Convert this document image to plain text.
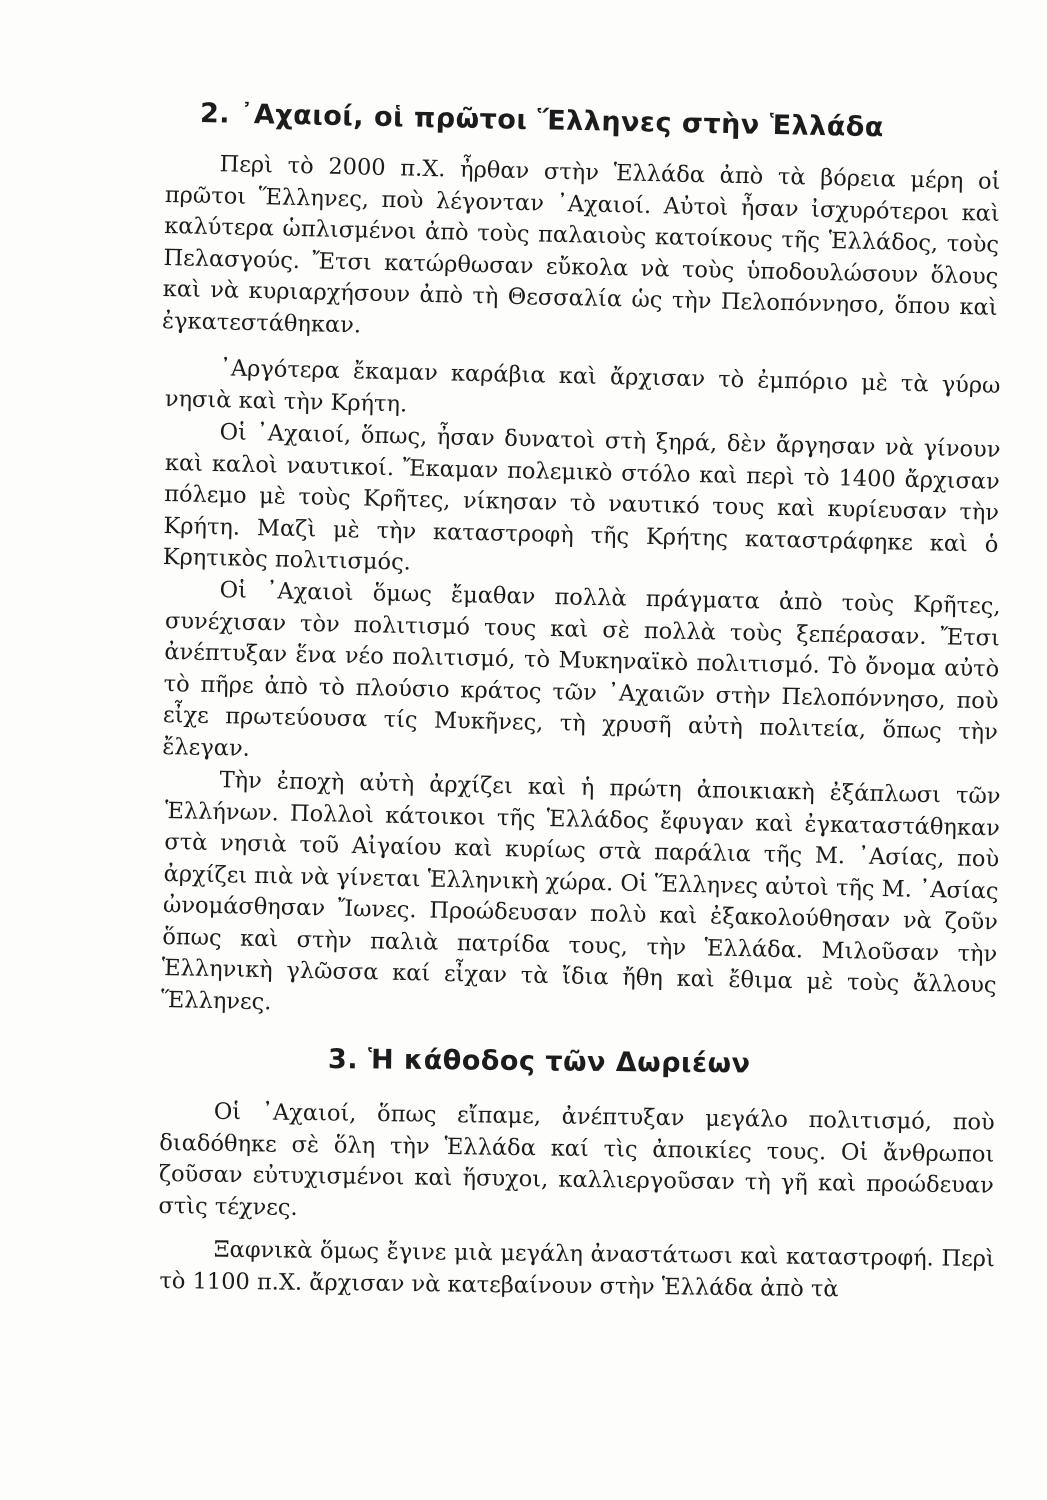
2. ᾿Αχαιοί, οἱ πρῶτοι Ἕλληνες στὴν Ἑλλάδα

Περὶ τὸ 2000 π.Χ. ἦρθαν στὴν Ἑλλάδα ἀπὸ τὰ βόρεια μέρη οἱ πρῶτοι Ἕλληνες, ποὺ λέγονταν ᾿Αχαιοί. Αὐτοὶ ἦσαν ἰσχυρότεροι καὶ καλύτερα ὡπλισμένοι ἀπὸ τοὺς παλαιοὺς κατοίκους τῆς Ἑλλάδος, τοὺς Πελασγούς. Ἔτσι κατώρθωσαν εὔκολα νὰ τοὺς ὑποδουλώσουν ὅλους καὶ νὰ κυριαρχήσουν ἀπὸ τὴ Θεσσαλία ὡς τὴν Πελοπόννησο, ὅπου καὶ ἐγκατεστάθηκαν.

᾿Αργότερα ἔκαμαν καράβια καὶ ἄρχισαν τὸ ἐμπόριο μὲ τὰ γύρω νησιὰ καὶ τὴν Κρήτη.

Οἱ ᾿Αχαιοί, ὅπως, ἦσαν δυνατοὶ στὴ ξηρά, δὲν ἄργησαν νὰ γίνουν καὶ καλοὶ ναυτικοί. Ἔκαμαν πολεμικὸ στόλο καὶ περὶ τὸ 1400 ἄρχισαν πόλεμο μὲ τοὺς Κρῆτες, νίκησαν τὸ ναυτικό τους καὶ κυρίευσαν τὴν Κρήτη. Μαζὶ μὲ τὴν καταστροφὴ τῆς Κρήτης καταστράφηκε καὶ ὁ Κρητικὸς πολιτισμός.

Οἱ ᾿Αχαιοὶ ὅμως ἔμαθαν πολλὰ πράγματα ἀπὸ τοὺς Κρῆτες, συνέχισαν τὸν πολιτισμό τους καὶ σὲ πολλὰ τοὺς ξεπέρασαν. Ἔτσι ἀνέπτυξαν ἕνα νέο πολιτισμό, τὸ Μυκηναϊκὸ πολιτισμό. Τὸ ὄνομα αὐτὸ τὸ πῆρε ἀπὸ τὸ πλούσιο κράτος τῶν ᾿Αχαιῶν στὴν Πελοπόννησο, ποὺ εἶχε πρωτεύουσα τίς Μυκῆνες, τὴ χρυσῆ αὐτὴ πολιτεία, ὅπως τὴν ἔλεγαν.

Τὴν ἐποχὴ αὐτὴ ἀρχίζει καὶ ἡ πρώτη ἀποικιακὴ ἐξάπλωσι τῶν Ἑλλήνων. Πολλοὶ κάτοικοι τῆς Ἑλλάδος ἔφυγαν καὶ ἐγκαταστάθηκαν στὰ νησιὰ τοῦ Αἰγαίου καὶ κυρίως στὰ παράλια τῆς Μ. ᾿Ασίας, ποὺ ἀρχίζει πιὰ νὰ γίνεται Ἑλληνικὴ χώρα. Οἱ Ἕλληνες αὐτοὶ τῆς Μ. ᾿Ασίας ὠνομάσθησαν Ἴωνες. Προώδευσαν πολὺ καὶ ἐξακολούθησαν νὰ ζοῦν ὅπως καὶ στὴν παλιὰ πατρίδα τους, τὴν Ἑλλάδα. Μιλοῦσαν τὴν Ἑλληνικὴ γλῶσσα καί εἶχαν τὰ ἴδια ἤθη καὶ ἔθιμα μὲ τοὺς ἄλλους Ἕλληνες.

3. Ἡ κάθοδος τῶν Δωριέων

Οἱ ᾿Αχαιοί, ὅπως εἴπαμε, ἀνέπτυξαν μεγάλο πολιτισμό, ποὺ διαδόθηκε σὲ ὅλη τὴν Ἑλλάδα καί τὶς ἀποικίες τους. Οἱ ἄνθρωποι ζοῦσαν εὐτυχισμένοι καὶ ἥσυχοι, καλλιεργοῦσαν τὴ γῆ καὶ προώδευαν στὶς τέχνες.

Ξαφνικὰ ὅμως ἔγινε μιὰ μεγάλη ἀναστάτωσι καὶ καταστροφή. Περὶ τὸ 1100 π.Χ. ἄρχισαν νὰ κατεβαίνουν στὴν Ἑλλάδα ἀπὸ τὰ
